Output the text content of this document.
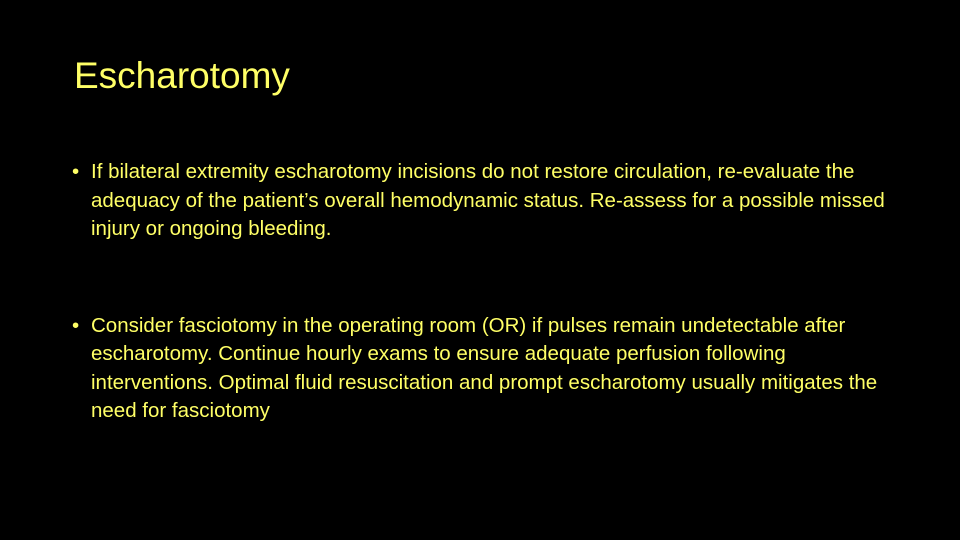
Escharotomy
• If bilateral extremity escharotomy incisions do not restore circulation, re-evaluate the adequacy of the patient’s overall hemodynamic status. Re-assess for a possible missed injury or ongoing bleeding.
• Consider fasciotomy in the operating room (OR) if pulses remain undetectable after escharotomy. Continue hourly exams to ensure adequate perfusion following interventions. Optimal fluid resuscitation and prompt escharotomy usually mitigates the need for fasciotomy
